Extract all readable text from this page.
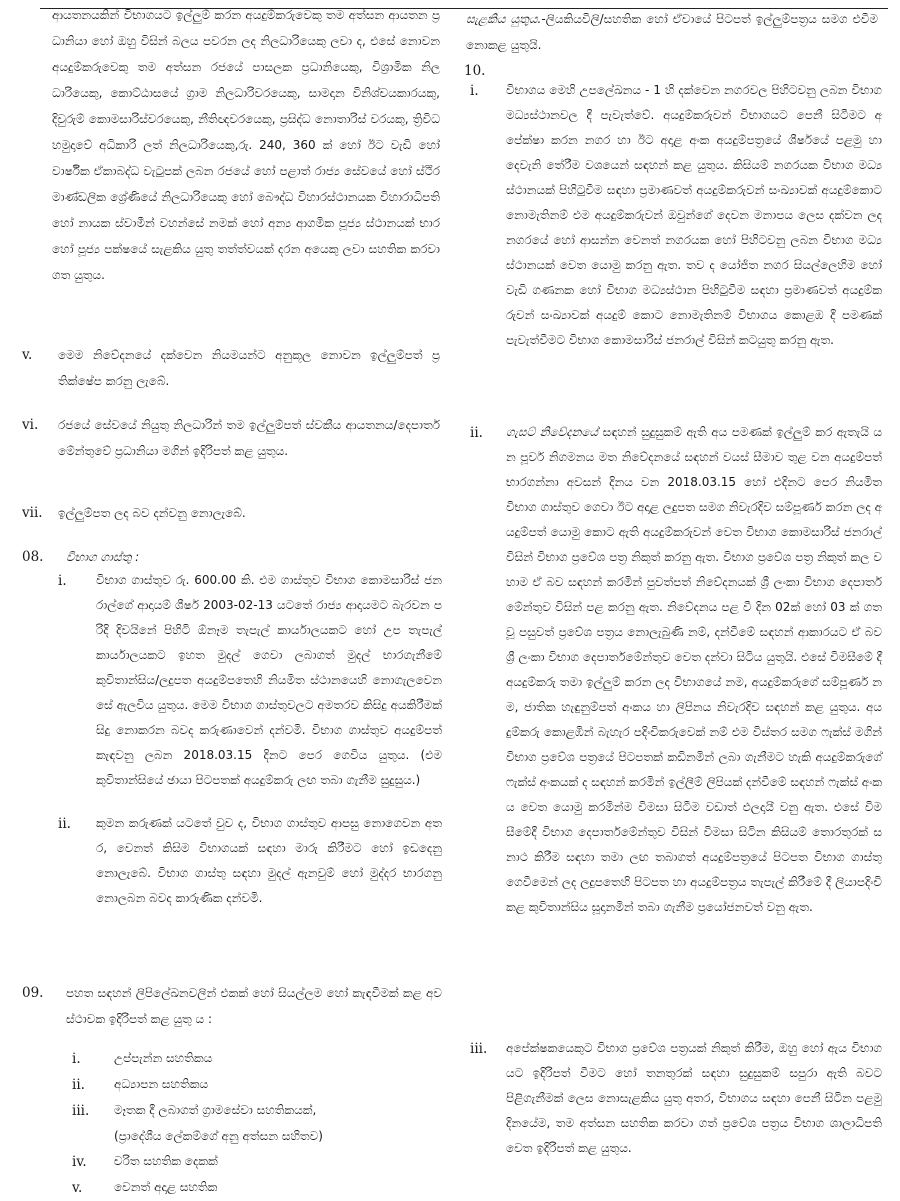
ආයතනයකින් විභාගයට ඉල්ලුම් කරන අයදුම්කරුවෙකු තම අත්සන ආයතන ප්‍රධානියා හෝ ඔහු විසින් බලය පවරන ලද නිලධාරියෙකු ලවා ද, එසේ නොවන අයදුම්කරුවෙකු තම අත්සන රජයේ පාසලක ප්‍රධානියෙකු, විශ්‍රාමික නිලධාරියෙකු, කොට්ඨාසයේ ග්‍රාම නිලධාරිවරයෙකු, සාමදාන විනිශ්චයකාරයකු, දිවුරුම් කොමසාරිස්වරයෙකු, නීතිඥවරයෙකු, ප්‍රසිද්ධ නොතාරිස් වරයකු, ත්‍රිවිධ හමුදාවේ අධිකාරි ලත් නිලධාරියෙකු,රු. 240, 360 ක් හෝ ඊට වැඩි හෝ වාර්ෂික ඒකාබද්ධ වැටුපක් ලබන රජයේ හෝ පළාත් රාජ්‍ය සේවයේ හෝ ස්ථිර මාණ්ඩලික ශ්‍රේණියේ නිලධාරියෙකු හෝ බෞද්ධ විහාරස්ථානයක විහාරාධිපති හෝ නායක ස්වාමීන් වහන්සේ නමක් හෝ අන්‍ය ආගමික පූජ්‍ය ස්ථානයක් භාර හෝ පූජ්‍ය පක්ෂයේ සැළකිය යුතු තත්ත්වයක් දරන අයෙකු ලවා සහතික කරවා ගත යුතුය.

v.	මෙම නිවේදනයේ දක්වෙන නියමයන්ට අනුකූල නොවන ඉල්ලුම්පත් ප්‍රතික්ෂේප කරනු ලැබේ.

vi.	රජයේ සේවයේ නියුතු නිලධාරින් තම ඉල්ලුම්පත් ස්වකීය ආයතනය/දෙපාර්තමේන්තුවේ ප්‍රධානියා මගින් ඉදිරිපත් කළ යුතුය.

vii.	ඉල්ලුම්පත ලද බව දන්වනු නොලැබේ.

08.	විභාග ගාස්තු :
i.	විභාග ගාස්තුව රු. 600.00 කි. එම ගාස්තුව විභාග කොමසාරිස් ජනරාල්ගේ ආදායම් ශීර්ෂ 2003-02-13 යටතේ රාජ්‍ය ආදායමට බැරවන පරිදි දිවයිනේ පිහිටි ඕනෑම තැපැල් කාර්යාලයකට හෝ උප තැපැල් කාර්යාලයකට ඉහත මුදල් ගෙවා ලබාගත් මුදල් භාරගැනීමේ කුවිතාන්සිය/ලදුපත අයදුම්පතෙහි නියමිත ස්ථානයෙහි නොගැලවෙන සේ ඇලවිය යුතුය. මෙම විභාග ගාස්තුවලට අමතරව කිසිදු අයකිරීමක් සිදු නොකරන බවද කරුණාවෙන් දන්වමි. විභාග ගාස්තුව අයදුම්පත් කැඳවනු ලබන 2018.03.15 දිනට පෙර ගෙවිය යුතුය. (එම කුවිතාන්සියේ ඡායා පිටපතක් අයදුම්කරු ලඟ තබා ගැනීම සුදුසුය.)

ii.	කුමන කරුණක් යටතේ වුව ද, විභාග ගාස්තුව ආපසු නොගෙවන අතර, වෙනත් කිසිම විභාගයක් සඳහා මාරු කිරීමට හෝ ඉඩදෙනු නොලැබේ. විභාග ගාස්තු සඳහා මුදල් ඇනවුම් හෝ මුද්දර භාරගනු නොලබන බවද කාරුණික දන්වමි.

09.	පහත සඳහන් ලිපිලේඛනවලින් එකක් හෝ සියල්ලම හෝ කැඳවීමක් කළ අවස්ථාවක ඉදිරිපත් කළ යුතු ය :

i.	උප්පැන්න සහතිකය
ii.	අධ්‍යාපන සහතිකය
iii.	මෑතක දී ලබාගත් ග්‍රාමසේවා සහතිකයක්,
(ප්‍රාදේශීය ලේකම්ගේ අනු අත්සන සහිතව)
iv.	චරිත සහතික දෙකක්
v.	වෙනත් අදාළ සහතික

සැළකිය යුතුය.-ලියකියවිලි/සහතික හෝ ඒවායේ පිටපත් ඉල්ලුම්පත්‍රය සමග එවීම නොකළ යුතුයි.

10.
i.	විභාගය මෙහි උපලේඛනය - 1 හි දක්වෙන නගරවල පිහිටවනු ලබන විභාග මධ්‍යස්ථානවල දී පැවැත්වේ. අයදුම්කරුවන් විභාගයට පෙනී සිටීමට අපේක්ෂා කරන නගර හා ඊට අදාළ අංක අයදුම්පත්‍රයේ ශීර්ෂයේ පළමු හා දෙවැනි තේරීම වශයෙන් සඳහන් කළ යුතුය. කිසියම් නගරයක විභාග මධ්‍යස්ථානයක් පිහිටුවීම සඳහා ප්‍රමාණවත් අයදුම්කරුවන් සංඛ්‍යාවක් අයදුම්කොට නොමැතිනම් එම අයදුම්කරුවන් ඔවුන්ගේ දෙවන මනාපය ලෙස දක්වන ලද නගරයේ හෝ ආසන්න වෙනත් නගරයක හෝ පිහිටවනු ලබන විභාග මධ්‍යස්ථානයක් වෙත යොමු කරනු ඇත. තව ද යෝජිත නගර සියල්ලෙහිම හෝ වැඩි ගණනක හෝ විභාග මධ්‍යස්ථාන පිහිටුවීම සඳහා ප්‍රමාණවත් අයදුම්කරුවන් සංඛ්‍යාවක් අයදුම් කොට නොමැතිනම් විභාගය කොළඹ දී පමණක් පැවැත්වීමට විභාග කොමසාරිස් ජනරාල් විසින් කටයුතු කරනු ඇත.

ii.	ගැසට් නිවේදනයේ සඳහන් සුදුසුකම් ඇති අය පමණක් ඉල්ලුම් කර ඇතැයි යන පූර්ව නිගමනය මත නිවේදනයේ සඳහන් වයස් සීමාව තුළ වන අයදුම්පත් භාරගන්නා අවසන් දිනය වන 2018.03.15 හෝ එදිනට පෙර නියමිත විභාග ගාස්තුව ගෙවා ඊට අදාළ ලදුපත සමග නිවැරදිව සම්පූර්ණ කරන ලද අයදුම්පත් යොමු කොට ඇති අයදුම්කරුවන් වෙත විභාග කොමසාරිස් ජනරාල් විසින් විභාග ප්‍රවේශ පත්‍ර නිකුත් කරනු ඇත. විභාග ප්‍රවේශ පත්‍ර නිකුත් කල වහාම ඒ බව සඳහන් කරමින් පුවත්පත් නිවේදනයක් ශ්‍රී ලංකා විභාග දෙපාර්තමේන්තුව විසින් පළ කරනු ඇත. නිවේදනය පළ වී දින 02ක් හෝ 03 ක් ගත වූ පසුවත් ප්‍රවේශ පත්‍රය නොලැබුණි නම්, දන්වීමේ සඳහන් ආකාරයට ඒ බව ශ්‍රී ලංකා විභාග දෙපාර්තමේන්තුව වෙත දන්වා සිටිය යුතුයි. එසේ විමසීමේ දී අයදුම්කරු තමා ඉල්ලුම් කරන ලද විභාගයේ නම, අයදුම්කරුගේ සම්පූර්ණ නම, ජාතික හැඳුනුම්පත් අංකය හා ලිපිනය නිවැරදිව සඳහන් කළ යුතුය. අයදුම්කරු කොළඹින් බැහැර පදිංචිකරුවෙක් නම් එම විස්තර සමග ෆැක්ස් මගින් විභාග ප්‍රවේශ පත්‍රයේ පිටපතක් කඩිනමින් ලබා ගැනීමට හැකි අයදුම්කරුගේ ෆැක්ස් අංකයක් ද සඳහන් කරමින් ඉල්ලීම් ලිපියක් දන්වීමේ සඳහන් ෆැක්ස් අංකය වෙත යොමු කරමින්ම විමසා සිටීම වඩාත් ඵලදායී වනු ඇත. එසේ විමසීමේදී විභාග දෙපාර්තමේන්තුව විසින් විමසා සිටින කිසියම් තොරතුරක් සනාථ කිරීම සඳහා තමා ලඟ තබාගත් අයදුම්පත්‍රයේ පිටපත විභාග ගාස්තු ගෙවීමෙන් ලද ලදුපතෙහි පිටපත හා අයදුම්පත්‍රය තැපැල් කිරීමේ දී ලියාපදිංචි කළ කුවිතාන්සිය සූදානමින් තබා ගැනීම ප්‍රයෝජනවත් වනු ඇත.

iii.	අපේක්ෂකයෙකුට විභාග ප්‍රවේශ පත්‍රයක් නිකුත් කිරීම, ඔහු හෝ ඇය විභාගයට ඉදිරිපත් වීමට හෝ තනතුරක් සඳහා සුදුසුකම් සපුරා ඇති බවට පිළිගැනීමක් ලෙස නොසැළකිය යුතු අතර, විභාගය සඳහා පෙනී සිටින පළමු දිනයේම, තම අත්සන සහතික කරවා ගත් ප්‍රවේශ පත්‍රය විභාග ශාලාධිපති වෙත ඉදිරිපත් කළ යුතුය.
